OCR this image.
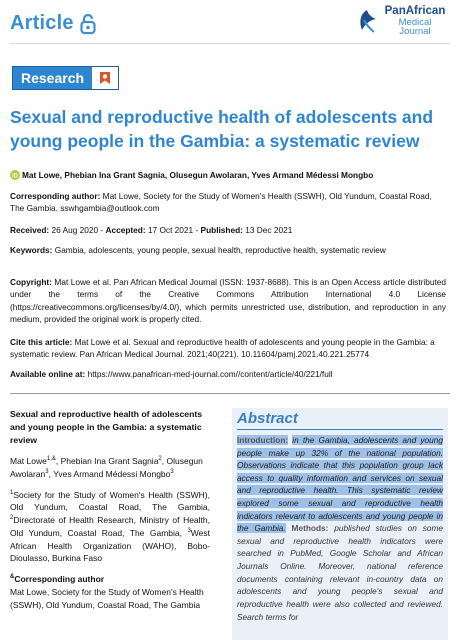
Article
PanAfrican
Medical
Journal
Research
Sexual and reproductive health of adolescents and young people in the Gambia: a systematic review
iD Mat Lowe, Phebian Ina Grant Sagnia, Olusegun Awolaran, Yves Armand Médessi Mongbo
Corresponding author: Mat Lowe, Society for the Study of Women's Health (SSWH), Old Yundum, Coastal Road, The Gambia. sswhgambia@outlook.com
Received: 26 Aug 2020 - Accepted: 17 Oct 2021 - Published: 13 Dec 2021
Keywords: Gambia, adolescents, young people, sexual health, reproductive health, systematic review
Copyright: Mat Lowe et al. Pan African Medical Journal (ISSN: 1937-8688). This is an Open Access article distributed under the terms of the Creative Commons Attribution International 4.0 License (https://creativecommons.org/licenses/by/4.0/), which permits unrestricted use, distribution, and reproduction in any medium, provided the original work is properly cited.
Cite this article: Mat Lowe et al. Sexual and reproductive health of adolescents and young people in the Gambia: a systematic review. Pan African Medical Journal. 2021;40(221). 10.11604/pamj.2021.40.221.25774
Available online at: https://www.panafrican-med-journal.com//content/article/40/221/full
Sexual and reproductive health of adolescents and young people in the Gambia: a systematic review
Mat Lowe$^{1,\&}$, Phebian Ina Grant Sagnia$^2$, Olusegun Awolaran$^3$, Yves Armand Médessi Mongbo$^3$
$^1$Society for the Study of Women's Health (SSWH), Old Yundum, Coastal Road, The Gambia, $^2$Directorate of Health Research, Ministry of Health, Old Yundum, Coastal Road, The Gambia, $^3$West African Health Organization (WAHO), Bobo-Dioulasso, Burkina Faso
&Corresponding author
Mat Lowe, Society for the Study of Women's Health (SSWH), Old Yundum, Coastal Road, The Gambia
Abstract
Introduction: in the Gambia, adolescents and young people make up 32% of the national population. Observations indicate that this population group lack access to quality information and services on sexual and reproductive health. This systematic review explored some sexual and reproductive health indicators relevant to adolescents and young people in the Gambia. Methods: published studies on some sexual and reproductive health indicators were searched in PubMed, Google Scholar and African Journals Online. Moreover, national reference documents containing relevant in-country data on adolescents and young people's sexual and reproductive health were also collected and reviewed. Search terms for
